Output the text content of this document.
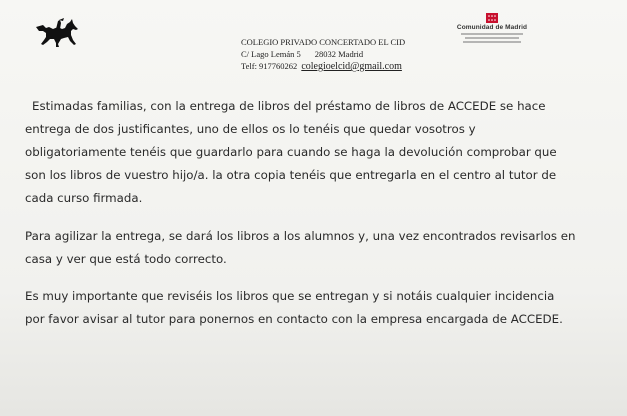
COLEGIO PRIVADO CONCERTADO EL CID
C/ Lago Lemán 5 28032 Madrid
Telf: 917760262 colegioelcid@gmail.com
Comunidad de Madrid
Estimadas familias, con la entrega de libros del préstamo de libros de ACCEDE se hace
entrega de dos justificantes, uno de ellos os lo tenéis que quedar vosotros y
obligatoriamente tenéis que guardarlo para cuando se haga la devolución comprobar que
son los libros de vuestro hijo/a. la otra copia tenéis que entregarla en el centro al tutor de
cada curso firmada.
Para agilizar la entrega, se dará los libros a los alumnos y, una vez encontrados revisarlos en
casa y ver que está todo correcto.
Es muy importante que reviséis los libros que se entregan y si notáis cualquier incidencia
por favor avisar al tutor para ponernos en contacto con la empresa encargada de ACCEDE.
